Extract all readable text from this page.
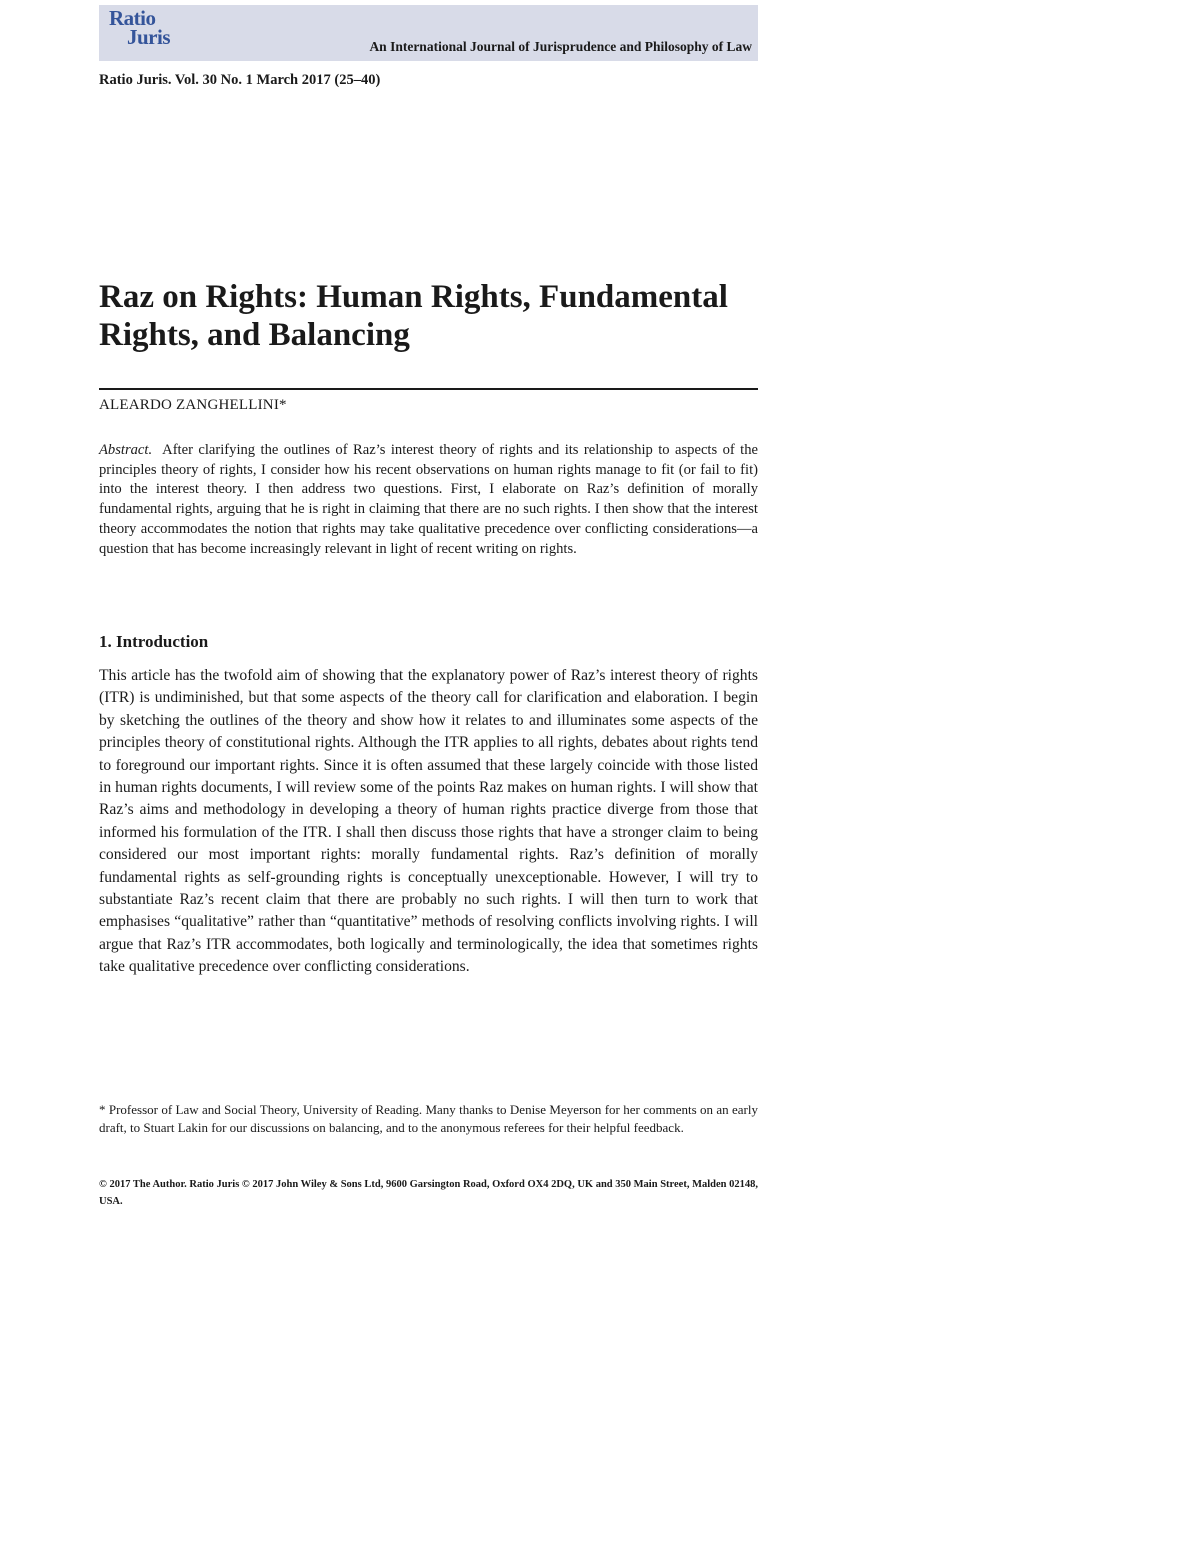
Ratio
Juris	An International Journal of Jurisprudence and Philosophy of Law
Ratio Juris. Vol. 30 No. 1 March 2017 (25–40)
Raz on Rights: Human Rights, Fundamental Rights, and Balancing
ALEARDO ZANGHELLINI*

Abstract. After clarifying the outlines of Raz’s interest theory of rights and its relationship to aspects of the principles theory of rights, I consider how his recent observations on human rights manage to fit (or fail to fit) into the interest theory. I then address two questions. First, I elaborate on Raz’s definition of morally fundamental rights, arguing that he is right in claiming that there are no such rights. I then show that the interest theory accommodates the notion that rights may take qualitative precedence over conflicting considerations—a question that has become increasingly relevant in light of recent writing on rights.

1. Introduction

This article has the twofold aim of showing that the explanatory power of Raz’s interest theory of rights (ITR) is undiminished, but that some aspects of the theory call for clarification and elaboration. I begin by sketching the outlines of the theory and show how it relates to and illuminates some aspects of the principles theory of constitutional rights. Although the ITR applies to all rights, debates about rights tend to foreground our important rights. Since it is often assumed that these largely coincide with those listed in human rights documents, I will review some of the points Raz makes on human rights. I will show that Raz’s aims and methodology in developing a theory of human rights practice diverge from those that informed his formulation of the ITR. I shall then discuss those rights that have a stronger claim to being considered our most important rights: morally fundamental rights. Raz’s definition of morally fundamental rights as self-grounding rights is conceptually unexceptionable. However, I will try to substantiate Raz’s recent claim that there are probably no such rights. I will then turn to work that emphasises “qualitative” rather than “quantitative” methods of resolving conflicts involving rights. I will argue that Raz’s ITR accommodates, both logically and terminologically, the idea that sometimes rights take qualitative precedence over conflicting considerations.

* Professor of Law and Social Theory, University of Reading. Many thanks to Denise Meyerson for her comments on an early draft, to Stuart Lakin for our discussions on balancing, and to the anonymous referees for their helpful feedback.

© 2017 The Author. Ratio Juris © 2017 John Wiley & Sons Ltd, 9600 Garsington Road, Oxford OX4 2DQ, UK and 350 Main Street, Malden 02148, USA.
